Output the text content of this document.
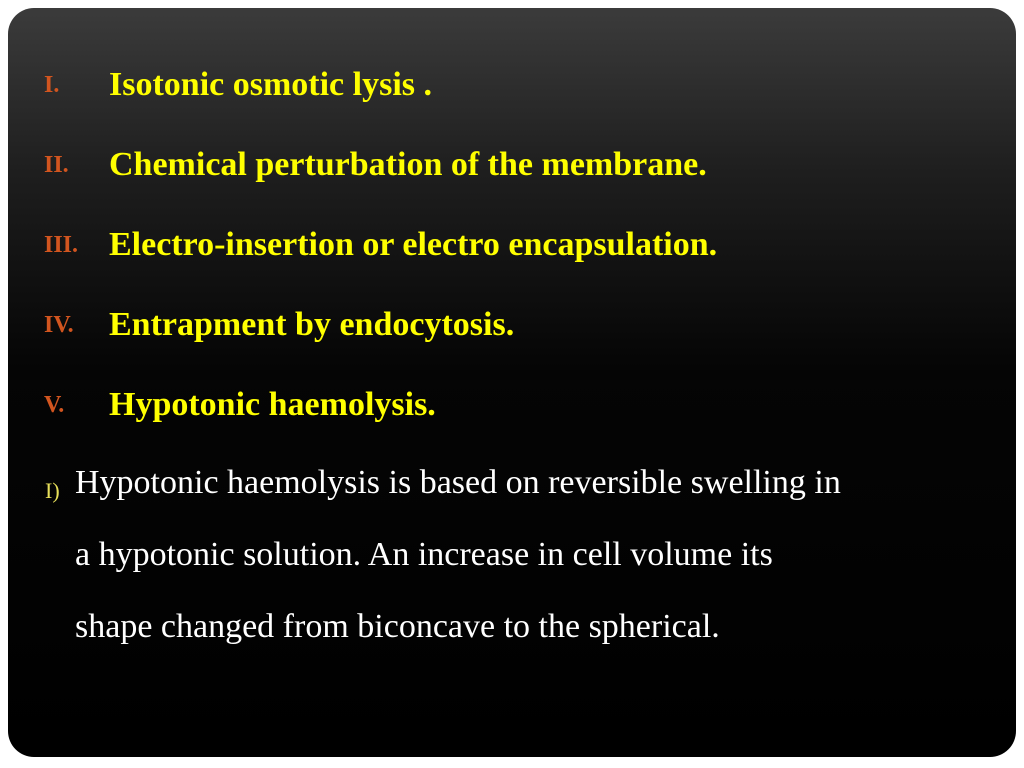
I. Isotonic osmotic lysis .
II. Chemical perturbation of the membrane.
III. Electro-insertion or electro encapsulation.
IV. Entrapment by endocytosis.
V. Hypotonic haemolysis.
I) Hypotonic haemolysis is based on reversible swelling in
a hypotonic solution. An increase in cell volume its
shape changed from biconcave to the spherical.
